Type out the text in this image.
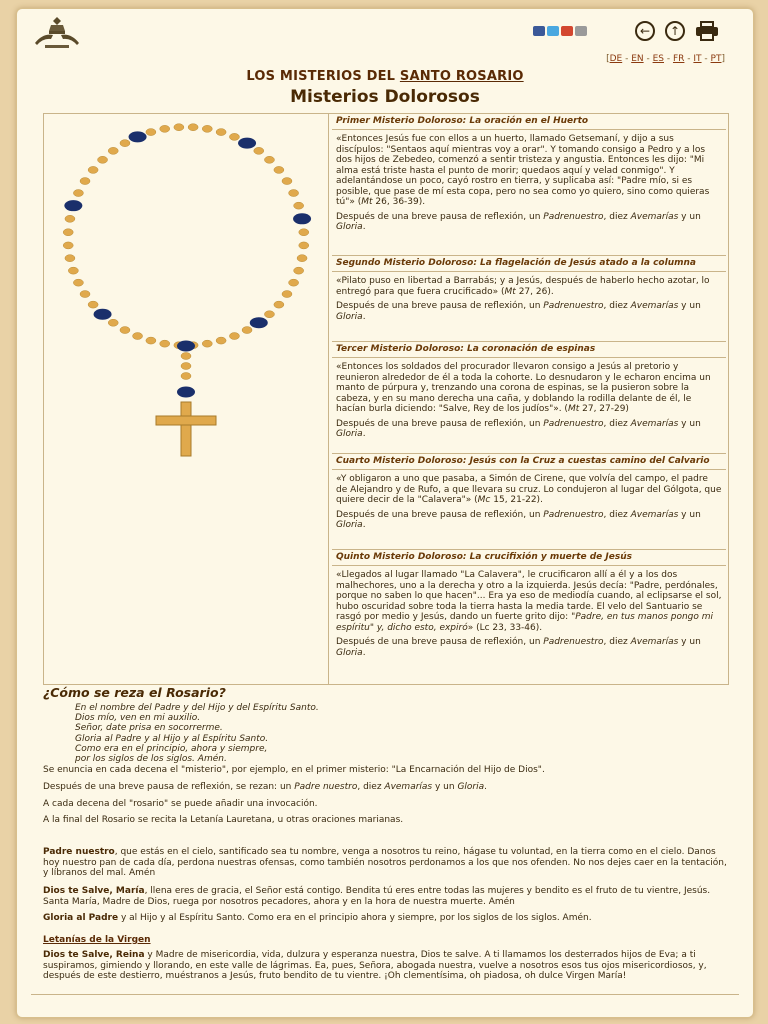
←	↑
[DE - EN - ES - FR - IT - PT]
LOS MISTERIOS DEL SANTO ROSARIO
Misterios Dolorosos
Primer Misterio Doloroso: La oración en el Huerto

«Entonces Jesús fue con ellos a un huerto, llamado Getsemaní, y dijo a sus discípulos: "Sentaos aquí mientras voy a orar". Y tomando consigo a Pedro y a los dos hijos de Zebedeo, comenzó a sentir tristeza y angustia. Entonces les dijo: "Mi alma está triste hasta el punto de morir; quedaos aquí y velad conmigo". Y adelantándose un poco, cayó rostro en tierra, y suplicaba así: "Padre mío, si es posible, que pase de mí esta copa, pero no sea como yo quiero, sino como quieras tú"» (Mt 26, 36-39).

Después de una breve pausa de reflexión, un Padrenuestro, diez Avemarías y un Gloria.

Segundo Misterio Doloroso: La flagelación de Jesús atado a la columna

«Pilato puso en libertad a Barrabás; y a Jesús, después de haberlo hecho azotar, lo entregó para que fuera crucificado» (Mt 27, 26).

Después de una breve pausa de reflexión, un Padrenuestro, diez Avemarías y un Gloria.

Tercer Misterio Doloroso: La coronación de espinas

«Entonces los soldados del procurador llevaron consigo a Jesús al pretorio y reunieron alrededor de él a toda la cohorte. Lo desnudaron y le echaron encima un manto de púrpura y, trenzando una corona de espinas, se la pusieron sobre la cabeza, y en su mano derecha una caña, y doblando la rodilla delante de él, le hacían burla diciendo: "Salve, Rey de los judíos"». (Mt 27, 27-29)

Después de una breve pausa de reflexión, un Padrenuestro, diez Avemarías y un Gloria.

Cuarto Misterio Doloroso: Jesús con la Cruz a cuestas camino del Calvario

«Y obligaron a uno que pasaba, a Simón de Cirene, que volvía del campo, el padre de Alejandro y de Rufo, a que llevara su cruz. Lo condujeron al lugar del Gólgota, que quiere decir de la "Calavera"» (Mc 15, 21-22).

Después de una breve pausa de reflexión, un Padrenuestro, diez Avemarías y un Gloria.

Quinto Misterio Doloroso: La crucifixión y muerte de Jesús

«Llegados al lugar llamado "La Calavera", le crucificaron allí a él y a los dos malhechores, uno a la derecha y otro a la izquierda. Jesús decía: "Padre, perdónales, porque no saben lo que hacen"... Era ya eso de mediodía cuando, al eclipsarse el sol, hubo oscuridad sobre toda la tierra hasta la media tarde. El velo del Santuario se rasgó por medio y Jesús, dando un fuerte grito dijo: "Padre, en tus manos pongo mi espíritu" y, dicho esto, expiró» (Lc 23, 33-46).

Después de una breve pausa de reflexión, un Padrenuestro, diez Avemarías y un Gloria.

¿Cómo se reza el Rosario?
En el nombre del Padre y del Hijo y del Espíritu Santo.
Dios mío, ven en mi auxilio.
Señor, date prisa en socorrerme.
Gloria al Padre y al Hijo y al Espíritu Santo.
Como era en el principio, ahora y siempre,
por los siglos de los siglos. Amén.

Se enuncia en cada decena el "misterio", por ejemplo, en el primer misterio: "La Encarnación del Hijo de Dios".

Después de una breve pausa de reflexión, se rezan: un Padre nuestro, diez Avemarías y un Gloria.

A cada decena del "rosario" se puede añadir una invocación.

A la final del Rosario se recita la Letanía Lauretana, u otras oraciones marianas.

Padre nuestro, que estás en el cielo, santificado sea tu nombre, venga a nosotros tu reino, hágase tu voluntad, en la tierra como en el cielo. Danos hoy nuestro pan de cada día, perdona nuestras ofensas, como también nosotros perdonamos a los que nos ofenden. No nos dejes caer en la tentación, y líbranos del mal. Amén

Dios te Salve, María, llena eres de gracia, el Señor está contigo. Bendita tú eres entre todas las mujeres y bendito es el fruto de tu vientre, Jesús. Santa María, Madre de Dios, ruega por nosotros pecadores, ahora y en la hora de nuestra muerte. Amén

Gloria al Padre y al Hijo y al Espíritu Santo. Como era en el principio ahora y siempre, por los siglos de los siglos. Amén.

Letanías de la Virgen

Dios te Salve, Reina y Madre de misericordia, vida, dulzura y esperanza nuestra, Dios te salve. A ti llamamos los desterrados hijos de Eva; a ti suspiramos, gimiendo y llorando, en este valle de lágrimas. Ea, pues, Señora, abogada nuestra, vuelve a nosotros esos tus ojos misericordiosos, y, después de este destierro, muéstranos a Jesús, fruto bendito de tu vientre. ¡Oh clementísima, oh piadosa, oh dulce Virgen María!
